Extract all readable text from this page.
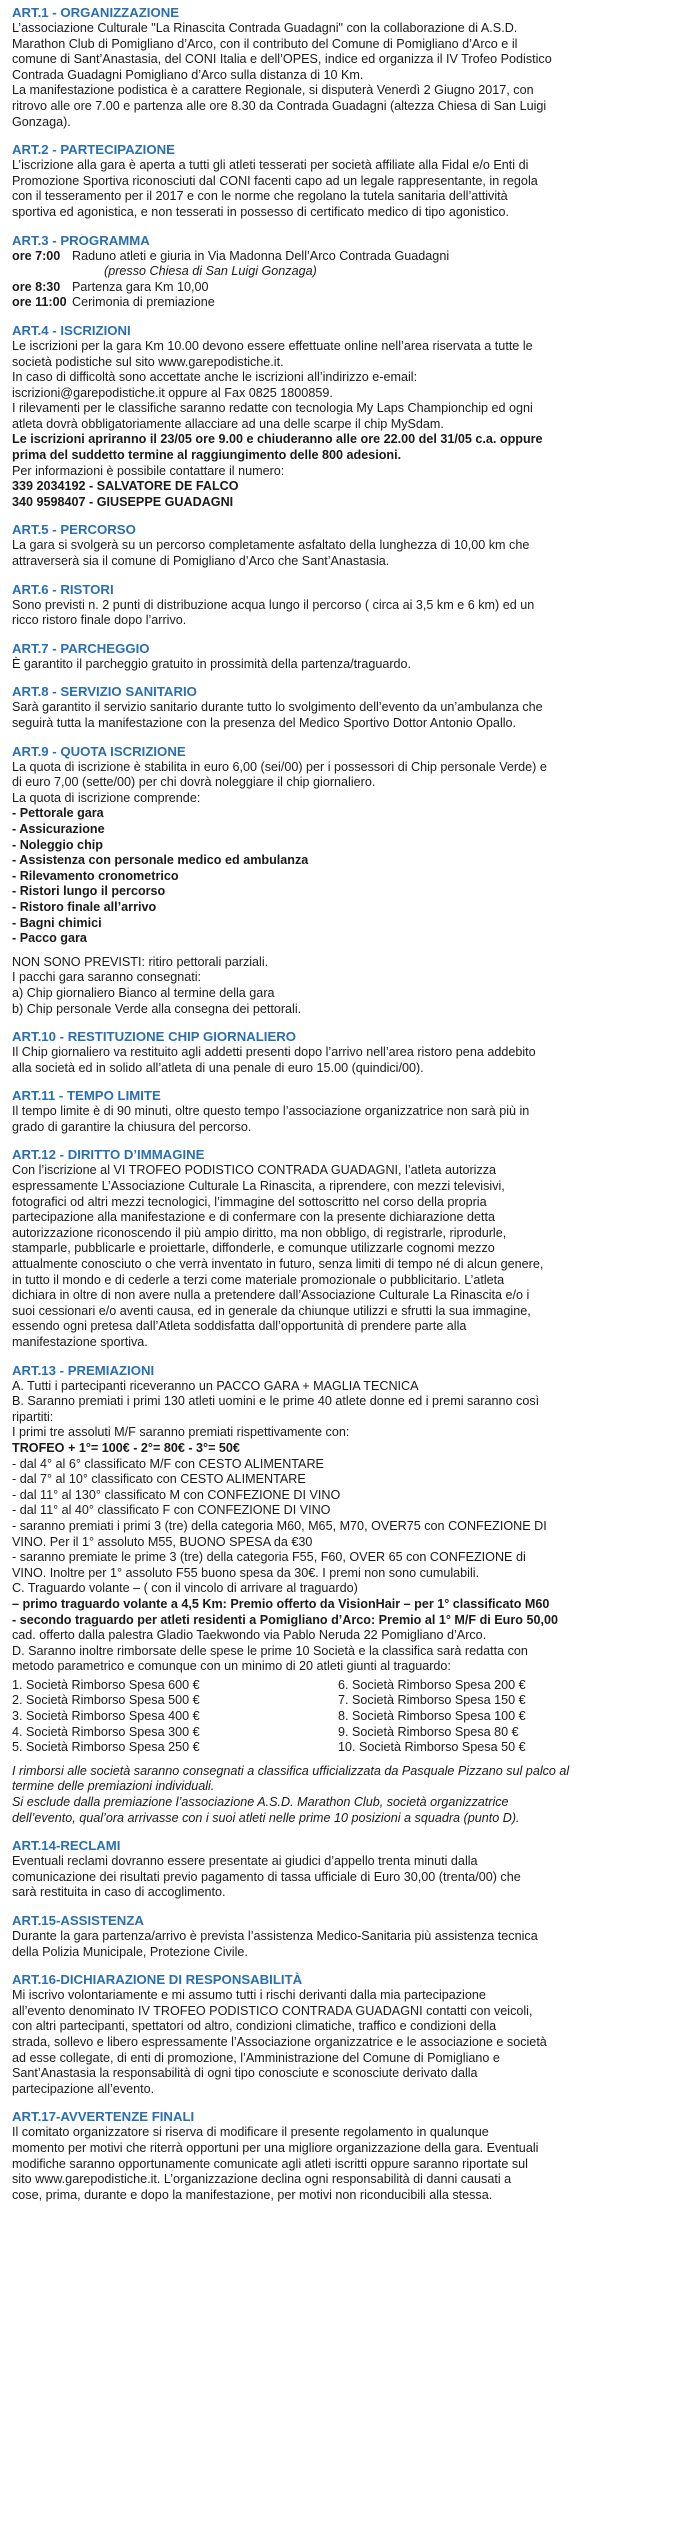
ART.1 - ORGANIZZAZIONE
L’associazione Culturale "La Rinascita Contrada Guadagni" con la collaborazione di A.S.D.
Marathon Club di Pomigliano d’Arco, con il contributo del Comune di Pomigliano d’Arco e il
comune di Sant’Anastasia, del CONI Italia e dell’OPES, indice ed organizza il IV Trofeo Podistico
Contrada Guadagni Pomigliano d’Arco sulla distanza di 10 Km.
La manifestazione podistica è a carattere Regionale, si disputerà Venerdì 2 Giugno 2017, con
ritrovo alle ore 7.00 e partenza alle ore 8.30 da Contrada Guadagni (altezza Chiesa di San Luigi
Gonzaga).
ART.2 - PARTECIPAZIONE
L’iscrizione alla gara è aperta a tutti gli atleti tesserati per società affiliate alla Fidal e/o Enti di
Promozione Sportiva riconosciuti dal CONI facenti capo ad un legale rappresentante, in regola
con il tesseramento per il 2017 e con le norme che regolano la tutela sanitaria dell’attività
sportiva ed agonistica, e non tesserati in possesso di certificato medico di tipo agonistico.
ART.3 - PROGRAMMA
ore 7:00 Raduno atleti e giuria in Via Madonna Dell’Arco Contrada Guadagni
(presso Chiesa di San Luigi Gonzaga)
ore 8:30 Partenza gara Km 10,00
ore 11:00 Cerimonia di premiazione
ART.4 - ISCRIZIONI
Le iscrizioni per la gara Km 10.00 devono essere effettuate online nell’area riservata a tutte le
società podistiche sul sito www.garepodistiche.it.
In caso di difficoltà sono accettate anche le iscrizioni all’indirizzo e-email:
iscrizioni@garepodistiche.it oppure al Fax 0825 1800859.
I rilevamenti per le classifiche saranno redatte con tecnologia My Laps Championchip ed ogni
atleta dovrà obbligatoriamente allacciare ad una delle scarpe il chip MySdam.
Le iscrizioni apriranno il 23/05 ore 9.00 e chiuderanno alle ore 22.00 del 31/05 c.a. oppure
prima del suddetto termine al raggiungimento delle 800 adesioni.
Per informazioni è possibile contattare il numero:
339 2034192 - SALVATORE DE FALCO
340 9598407 - GIUSEPPE GUADAGNI
ART.5 - PERCORSO
La gara si svolgerà su un percorso completamente asfaltato della lunghezza di 10,00 km che
attraverserà sia il comune di Pomigliano d’Arco che Sant’Anastasia.
ART.6 - RISTORI
Sono previsti n. 2 punti di distribuzione acqua lungo il percorso ( circa ai 3,5 km e 6 km) ed un
ricco ristoro finale dopo l’arrivo.
ART.7 - PARCHEGGIO
È garantito il parcheggio gratuito in prossimità della partenza/traguardo.
ART.8 - SERVIZIO SANITARIO
Sarà garantito il servizio sanitario durante tutto lo svolgimento dell’evento da un’ambulanza che
seguirà tutta la manifestazione con la presenza del Medico Sportivo Dottor Antonio Opallo.
ART.9 - QUOTA ISCRIZIONE
La quota di iscrizione è stabilita in euro 6,00 (sei/00) per i possessori di Chip personale Verde) e
di euro 7,00 (sette/00) per chi dovrà noleggiare il chip giornaliero.
La quota di iscrizione comprende:
- Pettorale gara
- Assicurazione
- Noleggio chip
- Assistenza con personale medico ed ambulanza
- Rilevamento cronometrico
- Ristori lungo il percorso
- Ristoro finale all’arrivo
- Bagni chimici
- Pacco gara
NON SONO PREVISTI: ritiro pettorali parziali.
I pacchi gara saranno consegnati:
a) Chip giornaliero Bianco al termine della gara
b) Chip personale Verde alla consegna dei pettorali.
ART.10 - RESTITUZIONE CHIP GIORNALIERO
Il Chip giornaliero va restituito agli addetti presenti dopo l’arrivo nell’area ristoro pena addebito
alla società ed in solido all’atleta di una penale di euro 15.00 (quindici/00).
ART.11 - TEMPO LIMITE
Il tempo limite è di 90 minuti, oltre questo tempo l’associazione organizzatrice non sarà più in
grado di garantire la chiusura del percorso.
ART.12 - DIRITTO D’IMMAGINE
Con l’iscrizione al VI TROFEO PODISTICO CONTRADA GUADAGNI, l’atleta autorizza
espressamente L’Associazione Culturale La Rinascita, a riprendere, con mezzi televisivi,
fotografici od altri mezzi tecnologici, l’immagine del sottoscritto nel corso della propria
partecipazione alla manifestazione e di confermare con la presente dichiarazione detta
autorizzazione riconoscendo il più ampio diritto, ma non obbligo, di registrarle, riprodurle,
stamparle, pubblicarle e proiettarle, diffonderle, e comunque utilizzarle cognomi mezzo
attualmente conosciuto o che verrà inventato in futuro, senza limiti di tempo né di alcun genere,
in tutto il mondo e di cederle a terzi come materiale promozionale o pubblicitario. L’atleta
dichiara in oltre di non avere nulla a pretendere dall’Associazione Culturale La Rinascita e/o i
suoi cessionari e/o aventi causa, ed in generale da chiunque utilizzi e sfrutti la sua immagine,
essendo ogni pretesa dall’Atleta soddisfatta dall’opportunità di prendere parte alla
manifestazione sportiva.
ART.13 - PREMIAZIONI
A. Tutti i partecipanti riceveranno un PACCO GARA + MAGLIA TECNICA
B. Saranno premiati i primi 130 atleti uomini e le prime 40 atlete donne ed i premi saranno così
ripartiti:
I primi tre assoluti M/F saranno premiati rispettivamente con:
TROFEO + 1°= 100€ - 2°= 80€ - 3°= 50€
- dal 4° al 6° classificato M/F con CESTO ALIMENTARE
- dal 7° al 10° classificato con CESTO ALIMENTARE
- dal 11° al 130° classificato M con CONFEZIONE DI VINO
- dal 11° al 40° classificato F con CONFEZIONE DI VINO
- saranno premiati i primi 3 (tre) della categoria M60, M65, M70, OVER75 con CONFEZIONE DI
VINO. Per il 1° assoluto M55, BUONO SPESA da €30
- saranno premiate le prime 3 (tre) della categoria F55, F60, OVER 65 con CONFEZIONE di
VINO. Inoltre per 1° assoluto F55 buono spesa da 30€. I premi non sono cumulabili.
C. Traguardo volante – ( con il vincolo di arrivare al traguardo)
– primo traguardo volante a 4,5 Km: Premio offerto da VisionHair – per 1° classificato M60
- secondo traguardo per atleti residenti a Pomigliano d’Arco: Premio al 1° M/F di Euro 50,00
cad. offerto dalla palestra Gladio Taekwondo via Pablo Neruda 22 Pomigliano d’Arco.
D. Saranno inoltre rimborsate delle spese le prime 10 Società e la classifica sarà redatta con
metodo parametrico e comunque con un minimo di 20 atleti giunti al traguardo:
1. Società Rimborso Spesa 600 €
2. Società Rimborso Spesa 500 €
3. Società Rimborso Spesa 400 €
4. Società Rimborso Spesa 300 €
5. Società Rimborso Spesa 250 €
6. Società Rimborso Spesa 200 €
7. Società Rimborso Spesa 150 €
8. Società Rimborso Spesa 100 €
9. Società Rimborso Spesa 80 €
10. Società Rimborso Spesa 50 €
I rimborsi alle società saranno consegnati a classifica ufficializzata da Pasquale Pizzano sul palco al
termine delle premiazioni individuali.
Si esclude dalla premiazione l’associazione A.S.D. Marathon Club, società organizzatrice
dell’evento, qual’ora arrivasse con i suoi atleti nelle prime 10 posizioni a squadra (punto D).
ART.14-RECLAMI
Eventuali reclami dovranno essere presentate ai giudici d’appello trenta minuti dalla
comunicazione dei risultati previo pagamento di tassa ufficiale di Euro 30,00 (trenta/00) che
sarà restituita in caso di accoglimento.
ART.15-ASSISTENZA
Durante la gara partenza/arrivo è prevista l’assistenza Medico-Sanitaria più assistenza tecnica
della Polizia Municipale, Protezione Civile.
ART.16-DICHIARAZIONE DI RESPONSABILITÀ
Mi iscrivo volontariamente e mi assumo tutti i rischi derivanti dalla mia partecipazione
all’evento denominato IV TROFEO PODISTICO CONTRADA GUADAGNI contatti con veicoli,
con altri partecipanti, spettatori od altro, condizioni climatiche, traffico e condizioni della
strada, sollevo e libero espressamente l’Associazione organizzatrice e le associazione e società
ad esse collegate, di enti di promozione, l’Amministrazione del Comune di Pomigliano e
Sant’Anastasia la responsabilità di ogni tipo conosciute e sconosciute derivato dalla
partecipazione all’evento.
ART.17-AVVERTENZE FINALI
Il comitato organizzatore si riserva di modificare il presente regolamento in qualunque
momento per motivi che riterrà opportuni per una migliore organizzazione della gara. Eventuali
modifiche saranno opportunamente comunicate agli atleti iscritti oppure saranno riportate sul
sito www.garepodistiche.it. L’organizzazione declina ogni responsabilità di danni causati a
cose, prima, durante e dopo la manifestazione, per motivi non riconducibili alla stessa.
